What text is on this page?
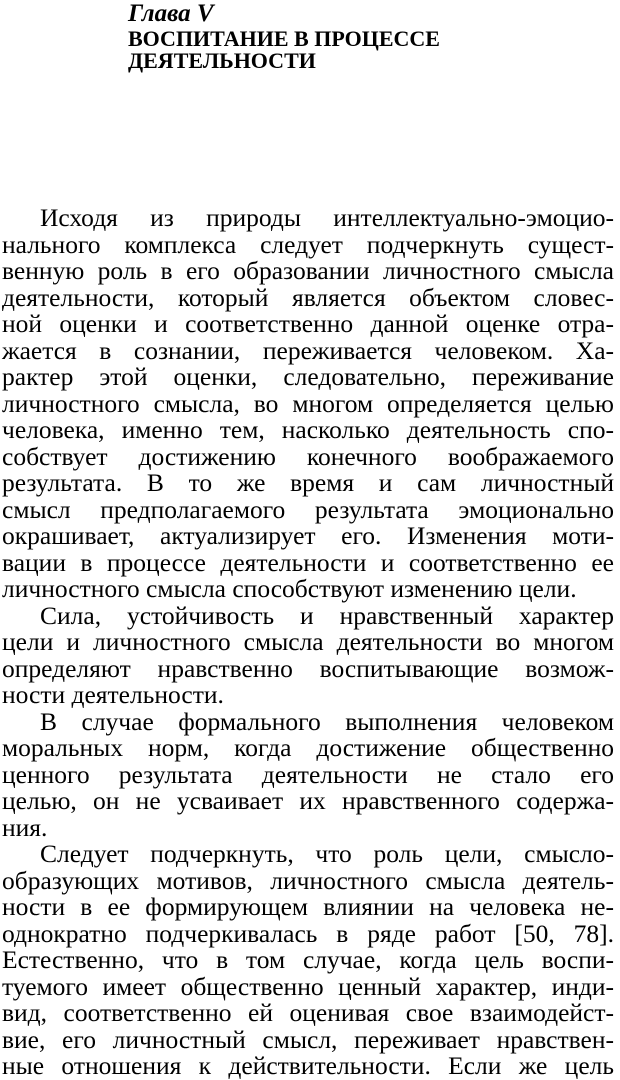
Глава V
ВОСПИТАНИЕ В ПРОЦЕССЕ
ДЕЯТЕЛЬНОСТИ
Исходя из природы интеллектуально-эмоцио-
нального комплекса следует подчеркнуть сущест-
венную роль в его образовании личностного смысла
деятельности, который является объектом словес-
ной оценки и соответственно данной оценке отра-
жается в сознании, переживается человеком. Ха-
рактер этой оценки, следовательно, переживание
личностного смысла, во многом определяется целью
человека, именно тем, насколько деятельность спо-
собствует достижению конечного воображаемого
результата. В то же время и сам личностный
смысл предполагаемого результата эмоционально
окрашивает, актуализирует его. Изменения моти-
вации в процессе деятельности и соответственно ее
личностного смысла способствуют изменению цели.
Сила, устойчивость и нравственный характер
цели и личностного смысла деятельности во многом
определяют нравственно воспитывающие возмож-
ности деятельности.
В случае формального выполнения человеком
моральных норм, когда достижение общественно
ценного результата деятельности не стало его
целью, он не усваивает их нравственного содержа-
ния.
Следует подчеркнуть, что роль цели, смысло-
образующих мотивов, личностного смысла деятель-
ности в ее формирующем влиянии на человека не-
однократно подчеркивалась в ряде работ [50, 78].
Естественно, что в том случае, когда цель воспи-
туемого имеет общественно ценный характер, инди-
вид, соответственно ей оценивая свое взаимодейст-
вие, его личностный смысл, переживает нравствен-
ные отношения к действительности. Если же цель
